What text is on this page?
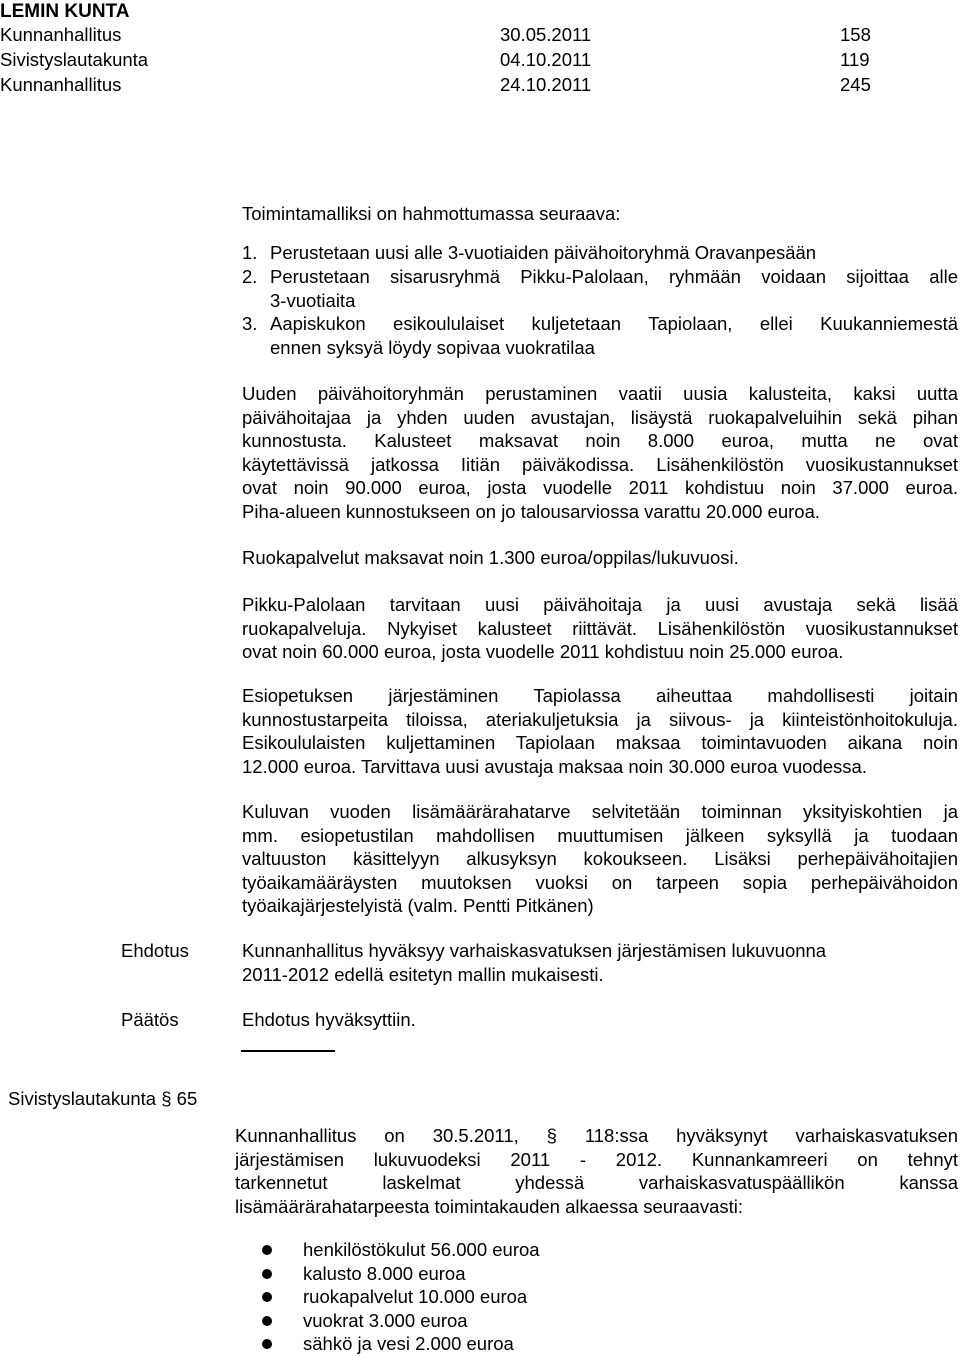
LEMIN KUNTA
Kunnanhallitus	30.05.2011	158
Sivistyslautakunta	04.10.2011	119
Kunnanhallitus	24.10.2011	245
Toimintamalliksi on hahmottumassa seuraava:
1. Perustetaan uusi alle 3-vuotiaiden päivähoitoryhmä Oravanpesään
2. Perustetaan sisarusryhmä Pikku-Palolaan, ryhmään voidaan sijoittaa alle
3-vuotiaita
3. Aapiskukon esikoululaiset kuljetetaan Tapiolaan, ellei Kuukanniemestä
ennen syksyä löydy sopivaa vuokratilaa
Uuden päivähoitoryhmän perustaminen vaatii uusia kalusteita, kaksi uutta
päivähoitajaa ja yhden uuden avustajan, lisäystä ruokapalveluihin sekä pihan
kunnostusta. Kalusteet maksavat noin 8.000 euroa, mutta ne ovat
käytettävissä jatkossa Iitiän päiväkodissa. Lisähenkilöstön vuosikustannukset
ovat noin 90.000 euroa, josta vuodelle 2011 kohdistuu noin 37.000 euroa.
Piha-alueen kunnostukseen on jo talousarviossa varattu 20.000 euroa.
Ruokapalvelut maksavat noin 1.300 euroa/oppilas/lukuvuosi.
Pikku-Palolaan tarvitaan uusi päivähoitaja ja uusi avustaja sekä lisää
ruokapalveluja. Nykyiset kalusteet riittävät. Lisähenkilöstön vuosikustannukset
ovat noin 60.000 euroa, josta vuodelle 2011 kohdistuu noin 25.000 euroa.
Esiopetuksen järjestäminen Tapiolassa aiheuttaa mahdollisesti joitain
kunnostustarpeita tiloissa, ateriakuljetuksia ja siivous- ja kiinteistönhoitokuluja.
Esikoululaisten kuljettaminen Tapiolaan maksaa toimintavuoden aikana noin
12.000 euroa. Tarvittava uusi avustaja maksaa noin 30.000 euroa vuodessa.
Kuluvan vuoden lisämäärärahatarve selvitetään toiminnan yksityiskohtien ja
mm. esiopetustilan mahdollisen muuttumisen jälkeen syksyllä ja tuodaan
valtuuston käsittelyyn alkusyksyn kokoukseen. Lisäksi perhepäivähoitajien
työaikamääräysten muutoksen vuoksi on tarpeen sopia perhepäivähoidon
työaikajärjestelyistä (valm. Pentti Pitkänen)
Ehdotus	Kunnanhallitus hyväksyy varhaiskasvatuksen järjestämisen lukuvuonna
2011-2012 edellä esitetyn mallin mukaisesti.
Päätös	Ehdotus hyväksyttiin.
Sivistyslautakunta § 65
Kunnanhallitus on 30.5.2011, § 118:ssa hyväksynyt varhaiskasvatuksen
järjestämisen lukuvuodeksi 2011 - 2012. Kunnankamreeri on tehnyt
tarkennetut laskelmat yhdessä varhaiskasvatuspäällikön kanssa
lisämäärärahatarpeesta toimintakauden alkaessa seuraavasti:
henkilöstökulut 56.000 euroa
kalusto 8.000 euroa
ruokapalvelut 10.000 euroa
vuokrat 3.000 euroa
sähkö ja vesi 2.000 euroa
